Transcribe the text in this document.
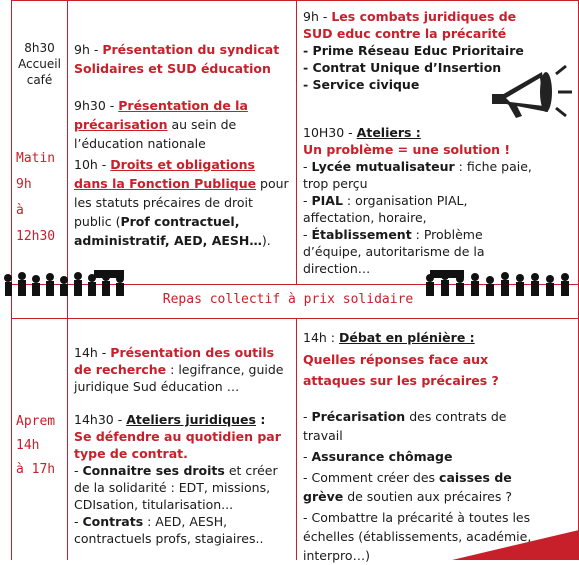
8h30

Accueil

café

Matin

9h

à

12h30

9h - Présentation du syndicat Solidaires et SUD éducation

9h30 - Présentation de la précarisation au sein de l’éducation nationale

10h - Droits et obligations dans la Fonction Publique pour les statuts précaires de droit public (Prof contractuel, administratif, AED, AESH…).

9h - Les combats juridiques de SUD educ contre la précarité

- Prime Réseau Educ Prioritaire

- Contrat Unique d’Insertion

- Service civique

10H30 - Ateliers :

Un problème = une solution !

- Lycée mutualisateur : fiche paie, trop perçu

- PIAL : organisation PIAL, affectation, horaire,

- Établissement : Problème d’équipe, autoritarisme de la direction…

Repas collectif à prix solidaire

Aprem

14h

à 17h

14h - Présentation des outils de recherche : legifrance, guide juridique Sud éducation …

14h30 - Ateliers juridiques :

Se défendre au quotidien par type de contrat.

- Connaitre ses droits et créer de la solidarité : EDT, missions, CDIsation, titularisation...

- Contrats : AED, AESH, contractuels profs, stagiaires..

14h : Débat en plénière :

Quelles réponses face aux attaques sur les précaires ?

- Précarisation des contrats de travail

- Assurance chômage

- Comment créer des caisses de grève de soutien aux précaires ?

- Combattre la précarité à toutes les échelles (établissements, académie, interpro…)
